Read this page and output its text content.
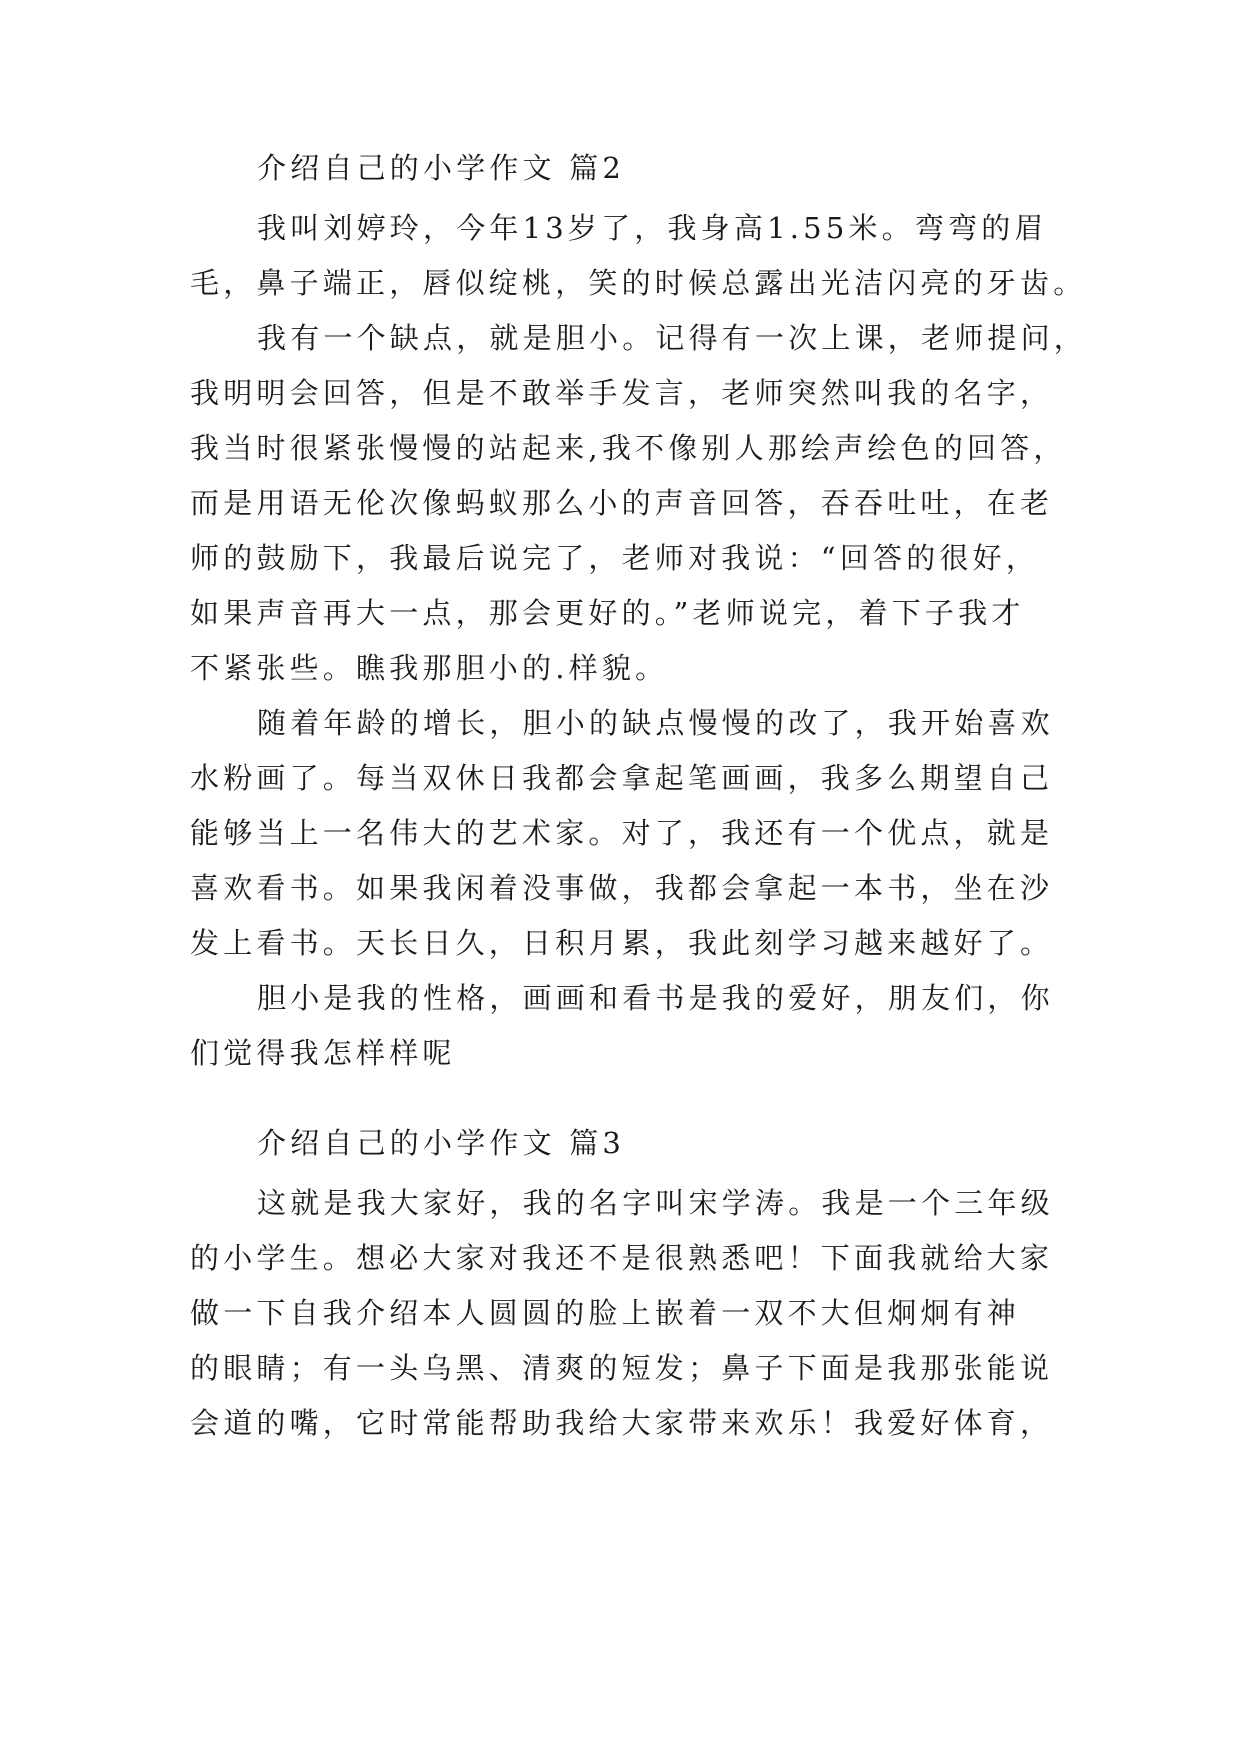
介绍自己的小学作文 篇2
我叫刘婷玲，今年13岁了，我身高1.55米。弯弯的眉
毛，鼻子端正，唇似绽桃，笑的时候总露出光洁闪亮的牙齿。
我有一个缺点，就是胆小。记得有一次上课，老师提问，
我明明会回答，但是不敢举手发言，老师突然叫我的名字，
我当时很紧张慢慢的站起来,我不像别人那绘声绘色的回答，
而是用语无伦次像蚂蚁那么小的声音回答，吞吞吐吐，在老
师的鼓励下，我最后说完了，老师对我说：“回答的很好，
如果声音再大一点，那会更好的。”老师说完，着下子我才
不紧张些。瞧我那胆小的.样貌。
随着年龄的增长，胆小的缺点慢慢的改了，我开始喜欢
水粉画了。每当双休日我都会拿起笔画画，我多么期望自己
能够当上一名伟大的艺术家。对了，我还有一个优点，就是
喜欢看书。如果我闲着没事做，我都会拿起一本书，坐在沙
发上看书。天长日久，日积月累，我此刻学习越来越好了。
胆小是我的性格，画画和看书是我的爱好，朋友们，你
们觉得我怎样样呢
介绍自己的小学作文 篇3
这就是我大家好，我的名字叫宋学涛。我是一个三年级
的小学生。想必大家对我还不是很熟悉吧！下面我就给大家
做一下自我介绍本人圆圆的脸上嵌着一双不大但炯炯有神
的眼睛；有一头乌黑、清爽的短发；鼻子下面是我那张能说
会道的嘴，它时常能帮助我给大家带来欢乐！我爱好体育，
